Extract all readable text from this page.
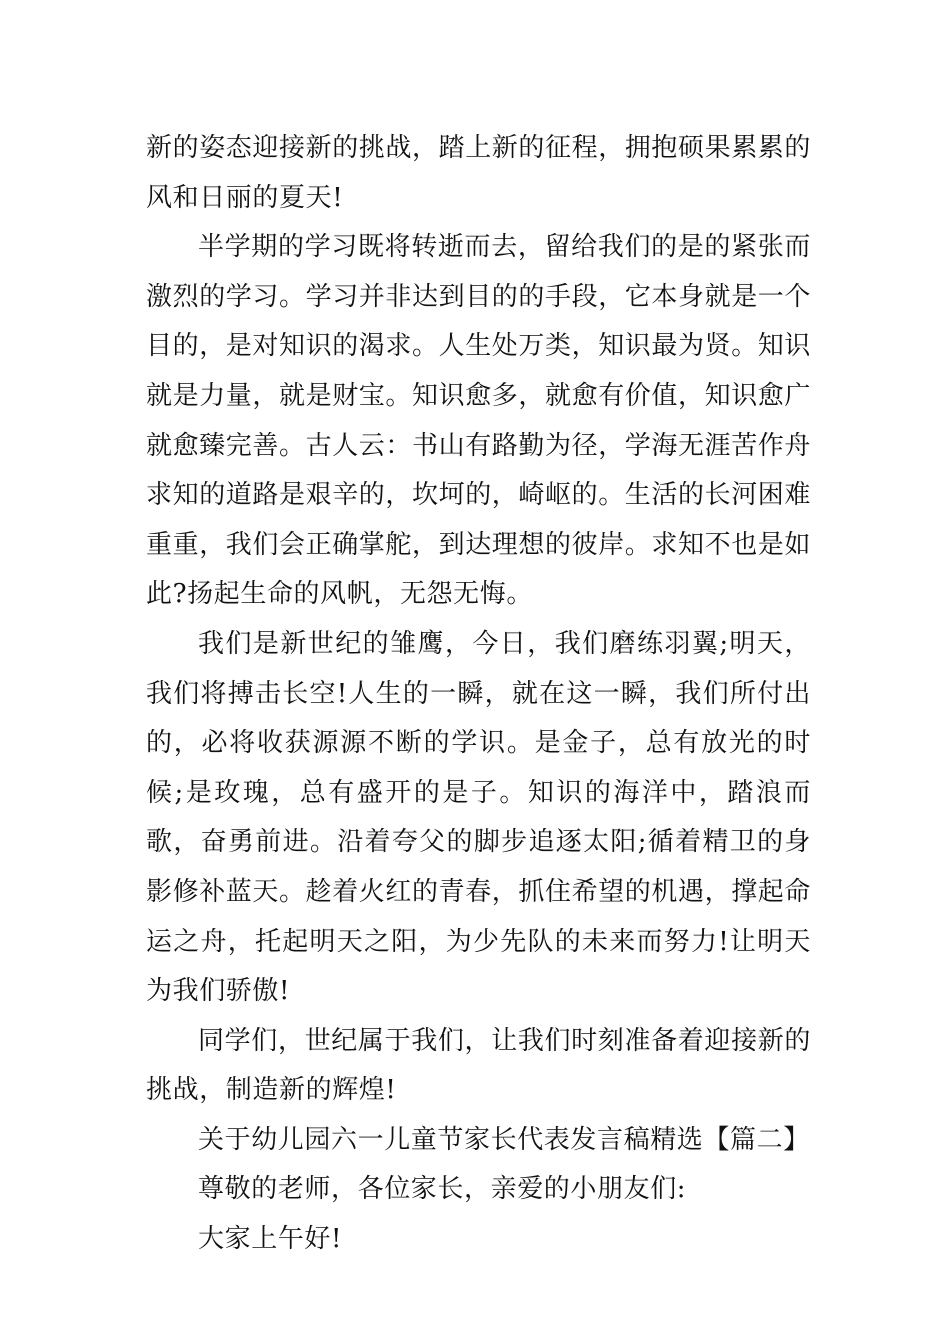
新的姿态迎接新的挑战，踏上新的征程，拥抱硕果累累的风和日丽的夏天!

半学期的学习既将转逝而去，留给我们的是的紧张而激烈的学习。学习并非达到目的的手段，它本身就是一个目的，是对知识的渴求。人生处万类，知识最为贤。知识就是力量，就是财宝。知识愈多，就愈有价值，知识愈广就愈臻完善。古人云：书山有路勤为径，学海无涯苦作舟求知的道路是艰辛的，坎坷的，崎岖的。生活的长河困难重重，我们会正确掌舵，到达理想的彼岸。求知不也是如此?扬起生命的风帆，无怨无悔。

我们是新世纪的雏鹰，今日，我们磨练羽翼;明天，我们将搏击长空!人生的一瞬，就在这一瞬，我们所付出的，必将收获源源不断的学识。是金子，总有放光的时候;是玫瑰，总有盛开的是子。知识的海洋中，踏浪而歌，奋勇前进。沿着夸父的脚步追逐太阳;循着精卫的身影修补蓝天。趁着火红的青春，抓住希望的机遇，撑起命运之舟，托起明天之阳，为少先队的未来而努力!让明天为我们骄傲!

同学们，世纪属于我们，让我们时刻准备着迎接新的挑战，制造新的辉煌!

关于幼儿园六一儿童节家长代表发言稿精选【篇二】

尊敬的老师，各位家长，亲爱的小朋友们:

大家上午好!
